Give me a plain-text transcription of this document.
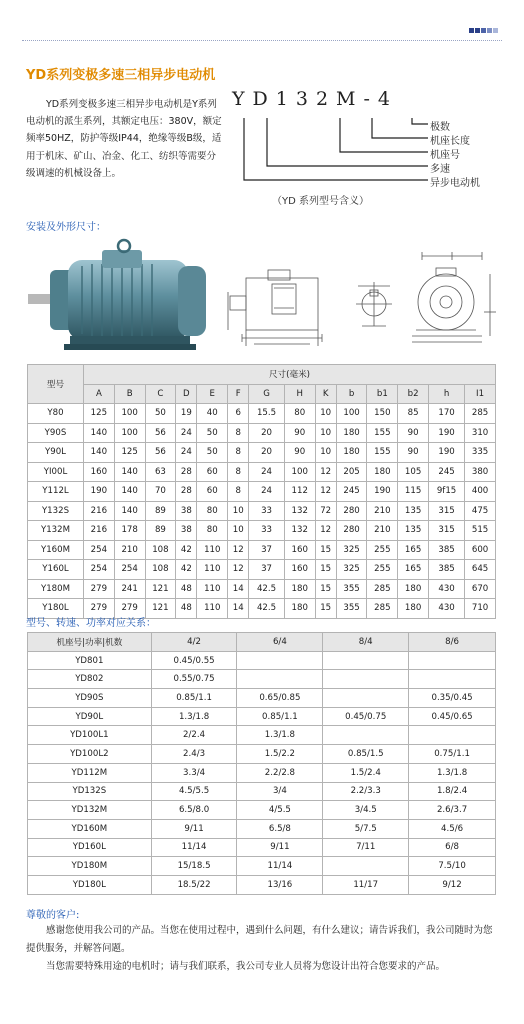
YD系列变极多速三相异步电动机

YD系列变极多速三相异步电动机是Y系列电动机的派生系列，其额定电压：380V，额定频率50HZ，防护等级IP44，绝缘等级B级，适用于机床、矿山、冶金、化工、纺织等需要分级调速的机械设备上。

YD132M-4
极数
机座长度
机座号
多速
异步电动机
（YD 系列型号含义）
安装及外形尺寸：
型号	尺寸(毫米)													
	A	B	C	D	E	F	G	H	K	b	b1	b2	h	I1
Y80	125	100	50	19	40	6	15.5	80	10	100	150	85	170	285
Y90S	140	100	56	24	50	8	20	90	10	180	155	90	190	310
Y90L	140	125	56	24	50	8	20	90	10	180	155	90	190	335
YI00L	160	140	63	28	60	8	24	100	12	205	180	105	245	380
Y112L	190	140	70	28	60	8	24	112	12	245	190	115	9f15	400
Y132S	216	140	89	38	80	10	33	132	72	280	210	135	315	475
Y132M	216	178	89	38	80	10	33	132	12	280	210	135	315	515
Y160M	254	210	108	42	110	12	37	160	15	325	255	165	385	600
Y160L	254	254	108	42	110	12	37	160	15	325	255	165	385	645
Y180M	279	241	121	48	110	14	42.5	180	15	355	285	180	430	670
Y180L	279	279	121	48	110	14	42.5	180	15	355	285	180	430	710
型号、转速、功率对应关系：
机座号|功率|机数	4/2	6/4	8/4	8/6
YD801	0.45/0.55			
YD802	0.55/0.75			
YD90S	0.85/1.1	0.65/0.85		0.35/0.45
YD90L	1.3/1.8	0.85/1.1	0.45/0.75	0.45/0.65
YD100L1	2/2.4	1.3/1.8		
YD100L2	2.4/3	1.5/2.2	0.85/1.5	0.75/1.1
YD112M	3.3/4	2.2/2.8	1.5/2.4	1.3/1.8
YD132S	4.5/5.5	3/4	2.2/3.3	1.8/2.4
YD132M	6.5/8.0	4/5.5	3/4.5	2.6/3.7
YD160M	9/11	6.5/8	5/7.5	4.5/6
YD160L	11/14	9/11	7/11	6/8
YD180M	15/18.5	11/14		7.5/10
YD180L	18.5/22	13/16	11/17	9/12
尊敬的客户:

感谢您使用我公司的产品。当您在使用过程中，遇到什么问题，有什么建议；请告诉我们，我公司随时为您提供服务，并解答问题。

当您需要特殊用途的电机时；请与我们联系，我公司专业人员将为您设计出符合您要求的产品。
